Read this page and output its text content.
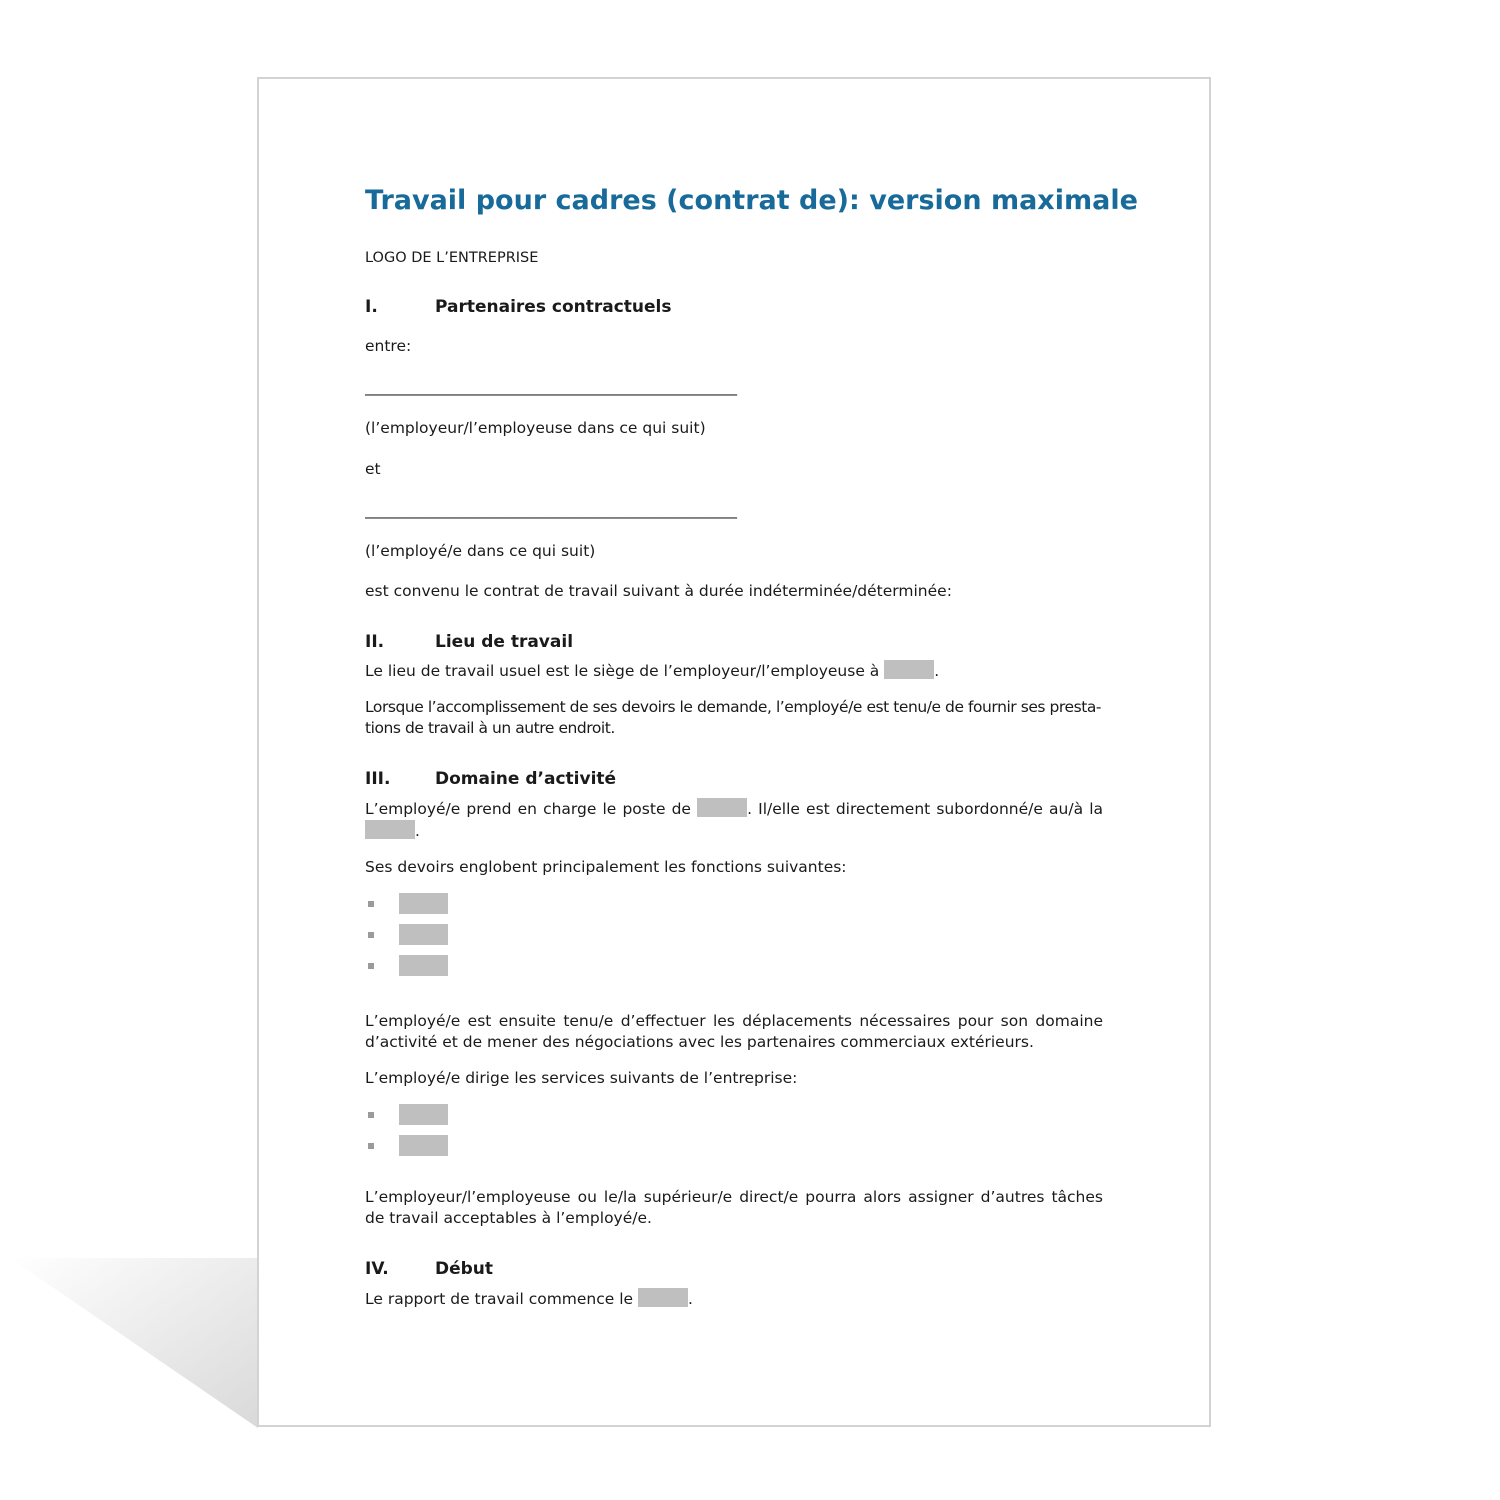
Travail pour cadres (contrat de): version maximale

LOGO DE L’ENTREPRISE

I.	Partenaires contractuels

entre:

________________________________________________

(l’employeur/l’employeuse dans ce qui suit)

et

________________________________________________

(l’employé/e dans ce qui suit)

est convenu le contrat de travail suivant à durée indéterminée/déterminée:

II.	Lieu de travail

Le lieu de travail usuel est le siège de l’employeur/l’employeuse à	.

Lorsque l’accomplissement de ses devoirs le demande, l’employé/e est tenu/e de fournir ses presta-tions de travail à un autre endroit.

III.	Domaine d’activité

L’employé/e prend en charge le poste de	. Il/elle est directement subordonné/e au/à la .

Ses devoirs englobent principalement les fonctions suivantes:

L’employé/e est ensuite tenu/e d’effectuer les déplacements nécessaires pour son domaine d’activité et de mener des négociations avec les partenaires commerciaux extérieurs.

L’employé/e dirige les services suivants de l’entreprise:

L’employeur/l’employeuse ou le/la supérieur/e direct/e pourra alors assigner d’autres tâches de travail acceptables à l’employé/e.

IV.	Début

Le rapport de travail commence le	.
